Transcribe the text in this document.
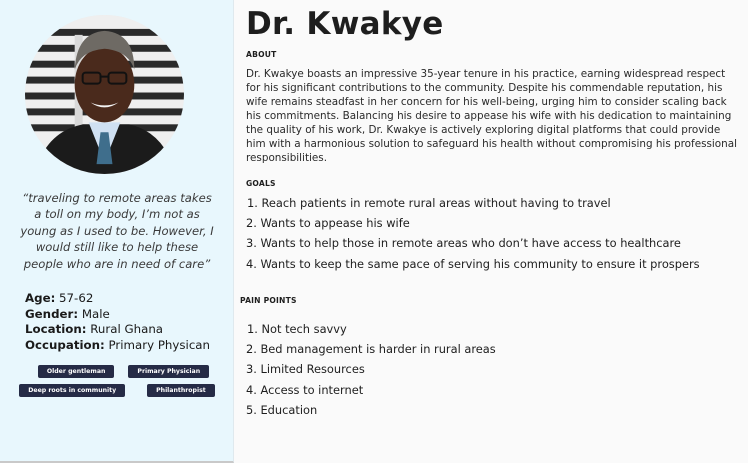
“traveling to remote areas takes a toll on my body, I’m not as young as I used to be. However, I would still like to help these people who are in need of care”
Age: 57-62
Gender: Male
Location: Rural Ghana
Occupation: Primary Physican
Older gentleman	Primary Physician
Deep roots in community	Philanthropist
Dr. Kwakye
ABOUT

Dr. Kwakye boasts an impressive 35-year tenure in his practice, earning widespread respect for his significant contributions to the community. Despite his commendable reputation, his wife remains steadfast in her concern for his well-being, urging him to consider scaling back his commitments. Balancing his desire to appease his wife with his dedication to maintaining the quality of his work, Dr. Kwakye is actively exploring digital platforms that could provide him with a harmonious solution to safeguard his health without compromising his professional responsibilities.

GOALS
1. Reach patients in remote rural areas without having to travel
2. Wants to appease his wife
3. Wants to help those in remote areas who don’t have access to healthcare
4. Wants to keep the same pace of serving his community to ensure it prospers
PAIN POINTS
1. Not tech savvy
2. Bed management is harder in rural areas
3. Limited Resources
4. Access to internet
5. Education
